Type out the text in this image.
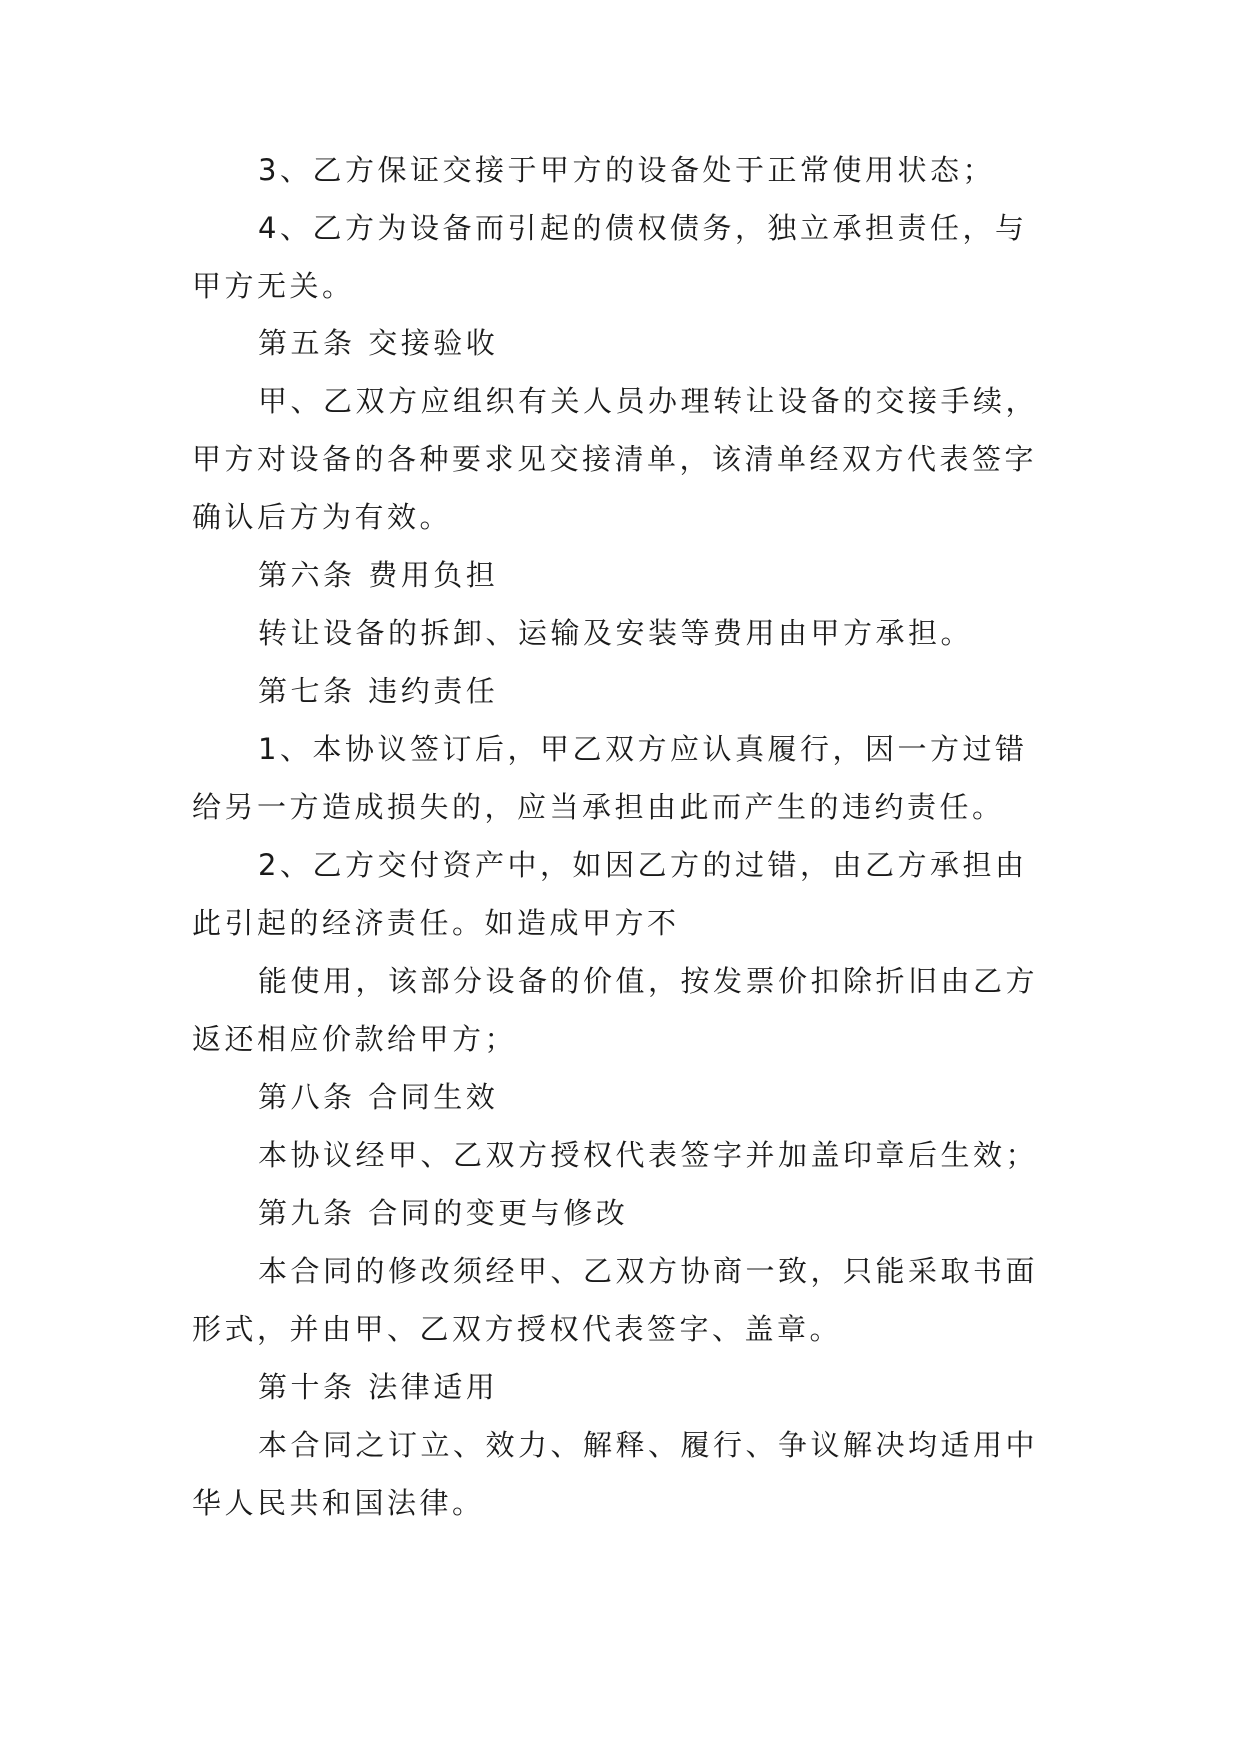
3、乙方保证交接于甲方的设备处于正常使用状态；
4、乙方为设备而引起的债权债务，独立承担责任，与
甲方无关。
第五条 交接验收
甲、乙双方应组织有关人员办理转让设备的交接手续，
甲方对设备的各种要求见交接清单，该清单经双方代表签字
确认后方为有效。
第六条 费用负担
转让设备的拆卸、运输及安装等费用由甲方承担。
第七条 违约责任
1、本协议签订后，甲乙双方应认真履行，因一方过错
给另一方造成损失的，应当承担由此而产生的违约责任。
2、乙方交付资产中，如因乙方的过错，由乙方承担由
此引起的经济责任。如造成甲方不
能使用，该部分设备的价值，按发票价扣除折旧由乙方
返还相应价款给甲方；
第八条 合同生效
本协议经甲、乙双方授权代表签字并加盖印章后生效；
第九条 合同的变更与修改
本合同的修改须经甲、乙双方协商一致，只能采取书面
形式，并由甲、乙双方授权代表签字、盖章。
第十条 法律适用
本合同之订立、效力、解释、履行、争议解决均适用中
华人民共和国法律。
